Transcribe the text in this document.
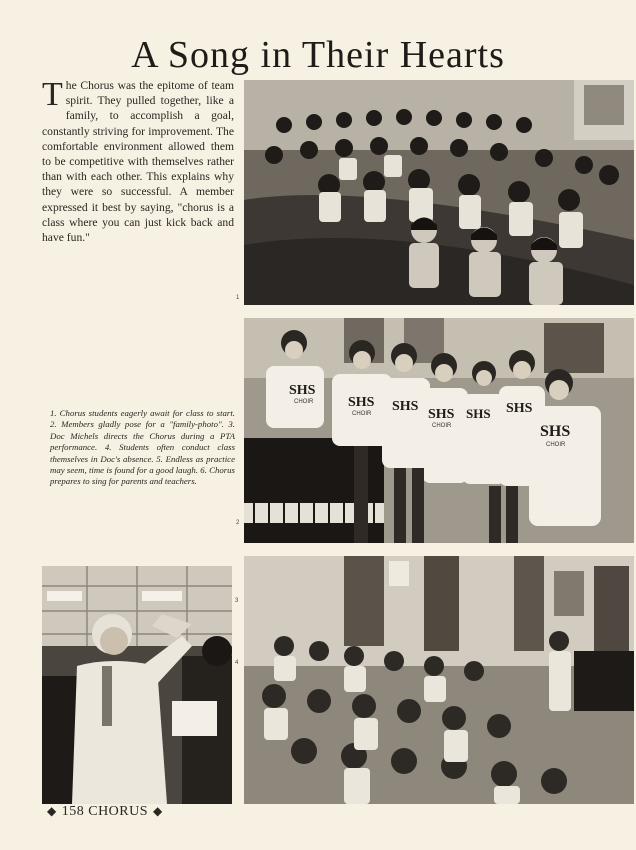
A Song in Their Hearts
The Chorus was the epitome of team spirit. They pulled together, like a family, to accomplish a goal, constantly striving for improvement. The comfortable environment allowed them to be competitive with themselves rather than with each other. This explains why they were so successful. A member expressed it best by saying, "chorus is a class where you can just kick back and have fun."
1. Chorus students eagerly await for class to start. 2. Members gladly pose for a "family-photo". 3. Doc Michels directs the Chorus during a PTA performance. 4. Students often conduct class themselves in Doc's absence. 5. Endless as practice may seem, time is found for a good laugh. 6. Chorus prepares to sing for parents and teachers.
1
SHS
SHS SHS
SHS SHS SHS
SHS
CHOIR
CHOIR
CHOIR
CHOIR
2
3
4
◆ 158 CHORUS ◆
